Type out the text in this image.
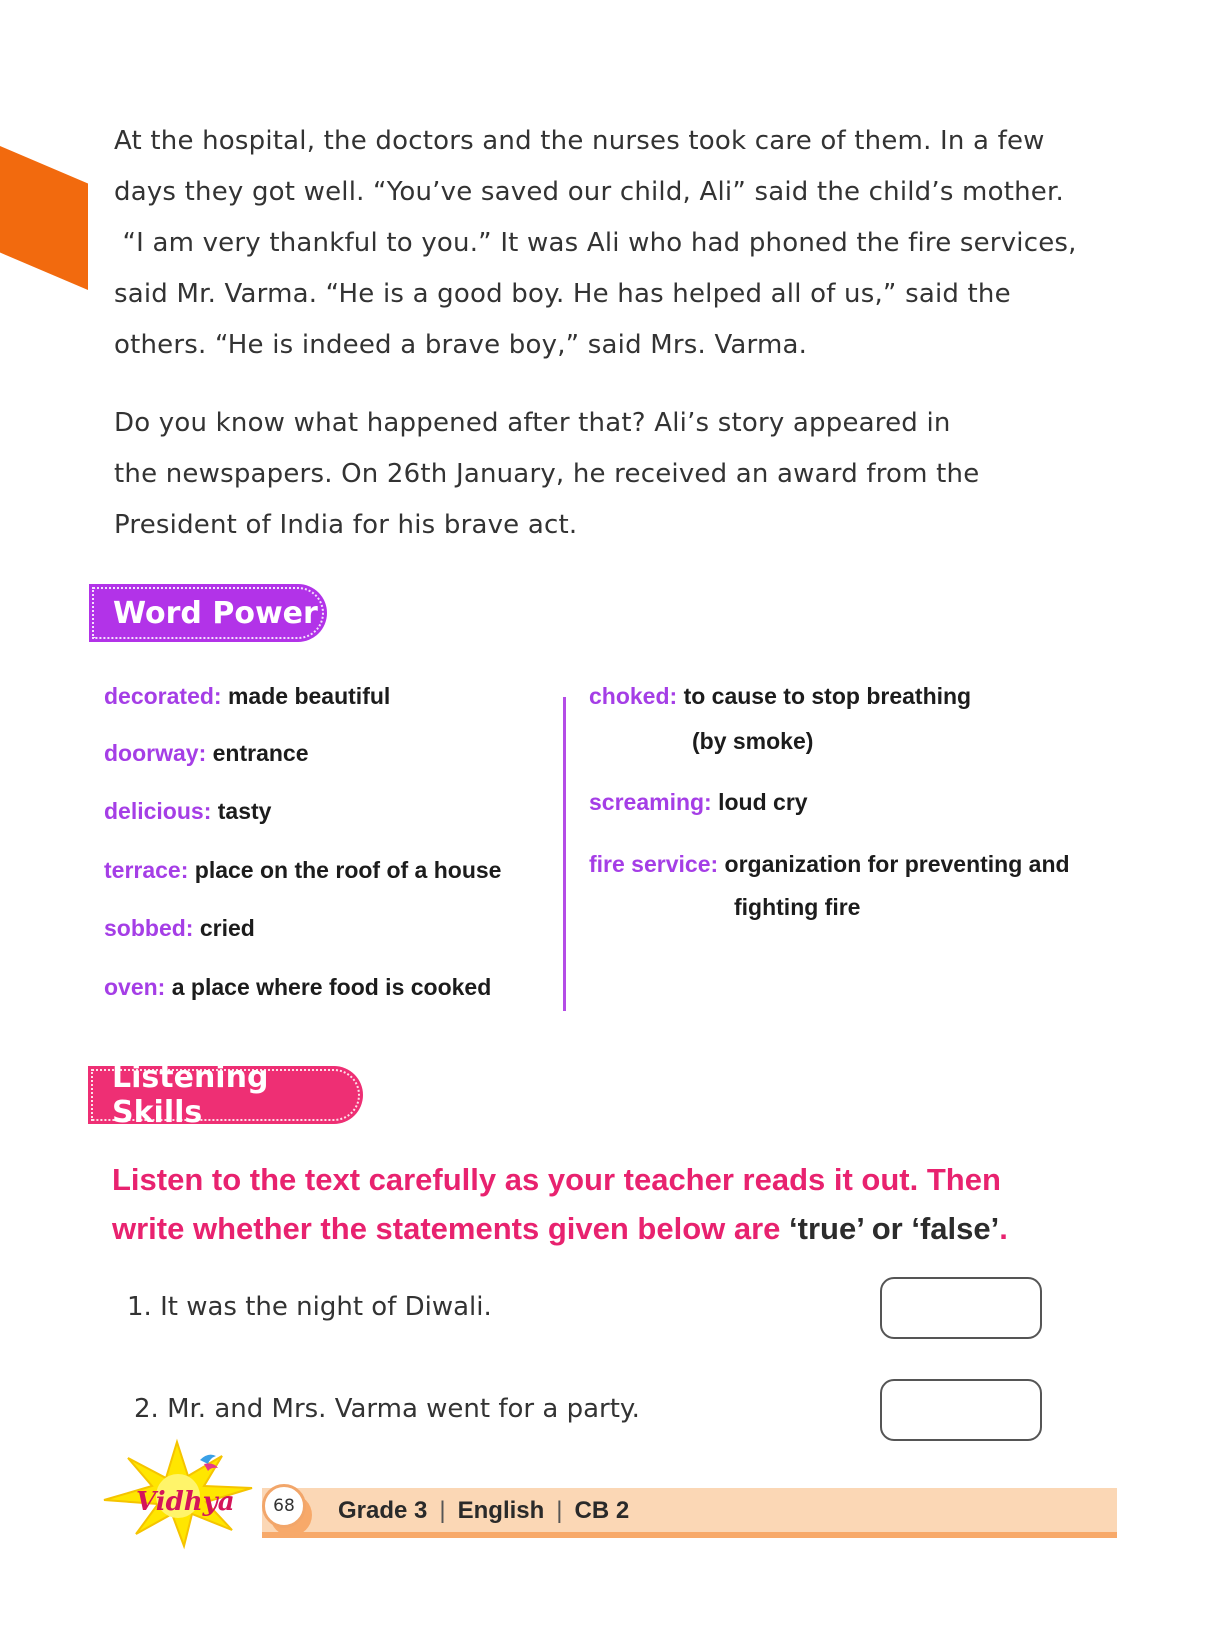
At the hospital, the doctors and the nurses took care of them. In a few
days they got well. “You’ve saved our child, Ali” said the child’s mother.
“I am very thankful to you.” It was Ali who had phoned the fire services,
said Mr. Varma. “He is a good boy. He has helped all of us,” said the
others. “He is indeed a brave boy,” said Mrs. Varma.
Do you know what happened after that? Ali’s story appeared in
the newspapers. On 26th January, he received an award from the
President of India for his brave act.
Word Power

decorated: made beautiful

doorway: entrance

delicious: tasty

terrace: place on the roof of a house

sobbed: cried

oven: a place where food is cooked

choked: to cause to stop breathing

(by smoke)

screaming: loud cry

fire service: organization for preventing and

fighting fire
Listening Skills
Listen to the text carefully as your teacher reads it out. Then
write whether the statements given below are ‘true’ or ‘false’.

1. It was the night of Diwali.

2. Mr. and Mrs. Varma went for a party.

Vidhya 68 Grade 3 | English | CB 2
